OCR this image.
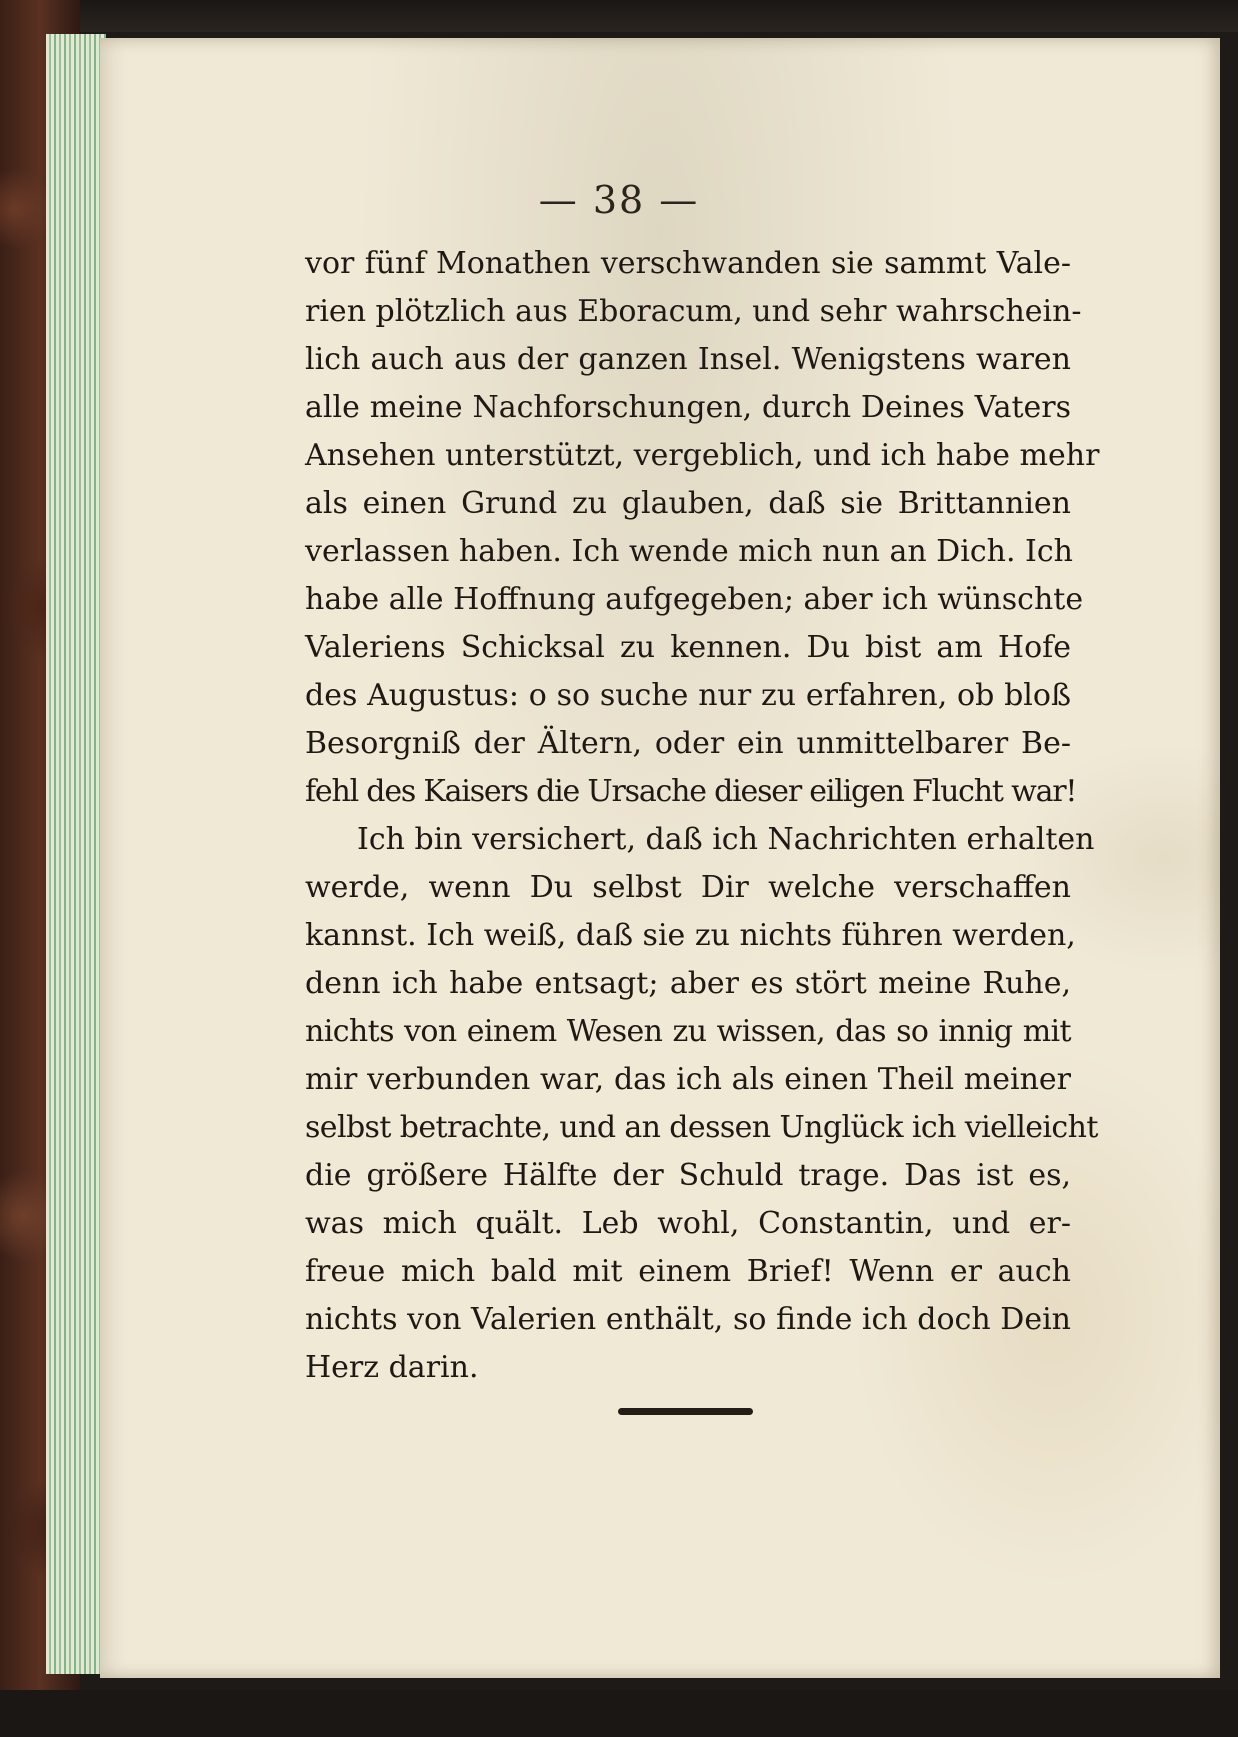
— 38 —
vor fünf Monathen verschwanden sie sammt Vale-
rien plötzlich aus Eboracum, und sehr wahrschein-
lich auch aus der ganzen Insel. Wenigstens waren
alle meine Nachforschungen, durch Deines Vaters
Ansehen unterstützt, vergeblich, und ich habe mehr
als einen Grund zu glauben, daß sie Brittannien
verlassen haben. Ich wende mich nun an Dich. Ich
habe alle Hoffnung aufgegeben; aber ich wünschte
Valeriens Schicksal zu kennen. Du bist am Hofe
des Augustus: o so suche nur zu erfahren, ob bloß
Besorgniß der Ältern, oder ein unmittelbarer Be-
fehl des Kaisers die Ursache dieser eiligen Flucht war!
Ich bin versichert, daß ich Nachrichten erhalten
werde, wenn Du selbst Dir welche verschaffen
kannst. Ich weiß, daß sie zu nichts führen werden,
denn ich habe entsagt; aber es stört meine Ruhe,
nichts von einem Wesen zu wissen, das so innig mit
mir verbunden war, das ich als einen Theil meiner
selbst betrachte, und an dessen Unglück ich vielleicht
die größere Hälfte der Schuld trage. Das ist es,
was mich quält. Leb wohl, Constantin, und er-
freue mich bald mit einem Brief! Wenn er auch
nichts von Valerien enthält, so finde ich doch Dein
Herz darin.
